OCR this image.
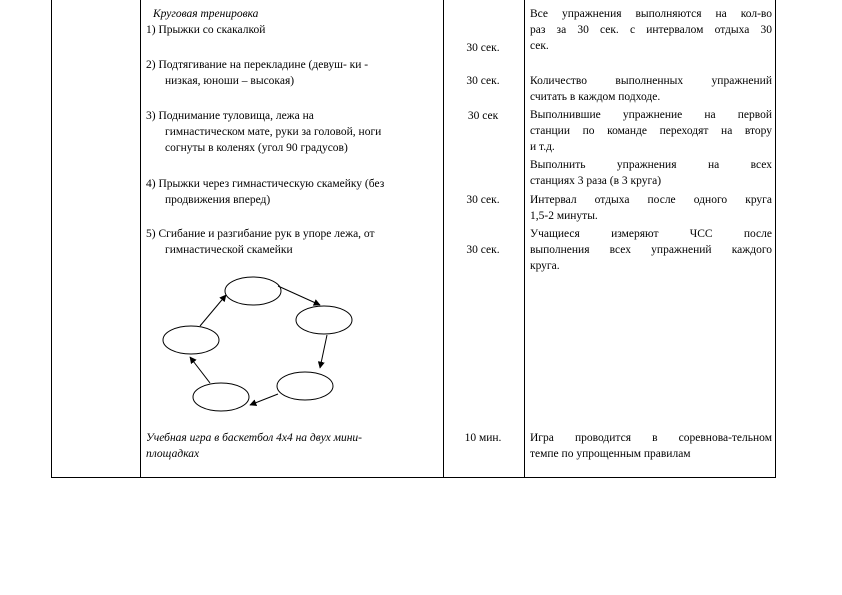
Круговая тренировка
1) Прыжки со скакалкой
2) Подтягивание на перекладине (девуш- ки -
низкая, юноши – высокая)
3) Поднимание туловища, лежа на
гимнастическом мате, руки за головой, ноги
согнуты в коленях (угол 90 градусов)
4) Прыжки через гимнастическую скамейку (без
продвижения вперед)
5) Сгибание и разгибание рук в упоре лежа, от
гимнастической скамейки
Учебная игра в баскетбол 4х4 на двух мини-
площадках
30 сек.
30 сек.
30 сек
30 сек.
30 сек.
10 мин.
Все упражнения выполняются на кол-во
раз за 30 сек. с интервалом отдыха 30
сек.
Количество выполненных упражнений
считать в каждом подходе.
Выполнившие упражнение на первой
станции по команде переходят на втору
и т.д.
Выполнить упражнения на всех
станциях 3 раза (в 3 круга)
Интервал отдыха после одного круга
1,5-2 минуты.
Учащиеся измеряют ЧСС после
выполнения всех упражнений каждого
круга.
Игра проводится в соревнова-тельном
темпе по упрощенным правилам
